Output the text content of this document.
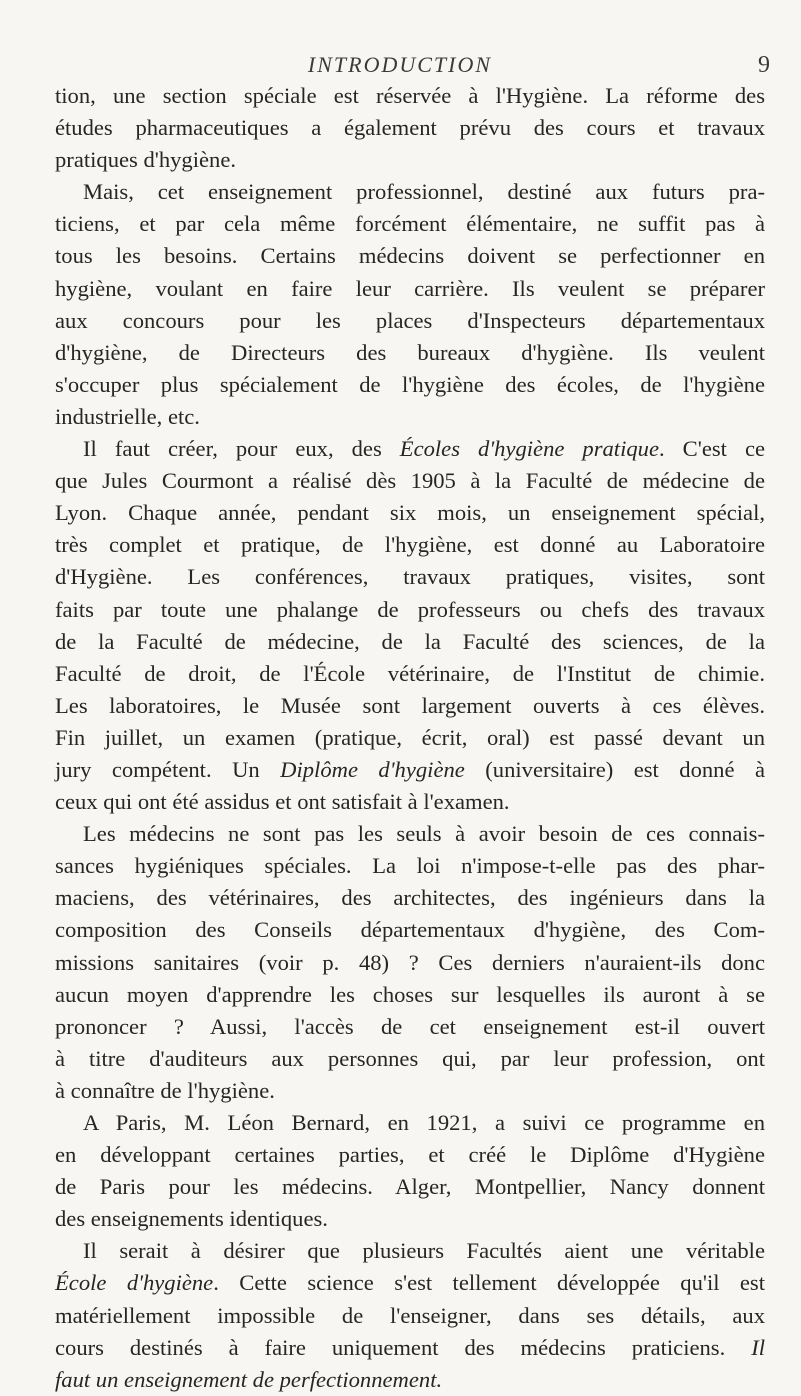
INTRODUCTION	9

tion, une section spéciale est réservée à l'Hygiène. La réforme des
études pharmaceutiques a également prévu des cours et travaux
pratiques d'hygiène.

Mais, cet enseignement professionnel, destiné aux futurs pra-
ticiens, et par cela même forcément élémentaire, ne suffit pas à
tous les besoins. Certains médecins doivent se perfectionner en
hygiène, voulant en faire leur carrière. Ils veulent se préparer
aux concours pour les places d'Inspecteurs départementaux
d'hygiène, de Directeurs des bureaux d'hygiène. Ils veulent
s'occuper plus spécialement de l'hygiène des écoles, de l'hygiène
industrielle, etc.

Il faut créer, pour eux, des Écoles d'hygiène pratique. C'est ce
que Jules Courmont a réalisé dès 1905 à la Faculté de médecine de
Lyon. Chaque année, pendant six mois, un enseignement spécial,
très complet et pratique, de l'hygiène, est donné au Laboratoire
d'Hygiène. Les conférences, travaux pratiques, visites, sont
faits par toute une phalange de professeurs ou chefs des travaux
de la Faculté de médecine, de la Faculté des sciences, de la
Faculté de droit, de l'École vétérinaire, de l'Institut de chimie.
Les laboratoires, le Musée sont largement ouverts à ces élèves.
Fin juillet, un examen (pratique, écrit, oral) est passé devant un
jury compétent. Un Diplôme d'hygiène (universitaire) est donné à
ceux qui ont été assidus et ont satisfait à l'examen.

Les médecins ne sont pas les seuls à avoir besoin de ces connais-
sances hygiéniques spéciales. La loi n'impose-t-elle pas des phar-
maciens, des vétérinaires, des architectes, des ingénieurs dans la
composition des Conseils départementaux d'hygiène, des Com-
missions sanitaires (voir p. 48) ? Ces derniers n'auraient-ils donc
aucun moyen d'apprendre les choses sur lesquelles ils auront à se
prononcer ? Aussi, l'accès de cet enseignement est-il ouvert
à titre d'auditeurs aux personnes qui, par leur profession, ont
à connaître de l'hygiène.

A Paris, M. Léon Bernard, en 1921, a suivi ce programme en
en développant certaines parties, et créé le Diplôme d'Hygiène
de Paris pour les médecins. Alger, Montpellier, Nancy donnent
des enseignements identiques.

Il serait à désirer que plusieurs Facultés aient une véritable
École d'hygiène. Cette science s'est tellement développée qu'il est
matériellement impossible de l'enseigner, dans ses détails, aux
cours destinés à faire uniquement des médecins praticiens. Il
faut un enseignement de perfectionnement.
